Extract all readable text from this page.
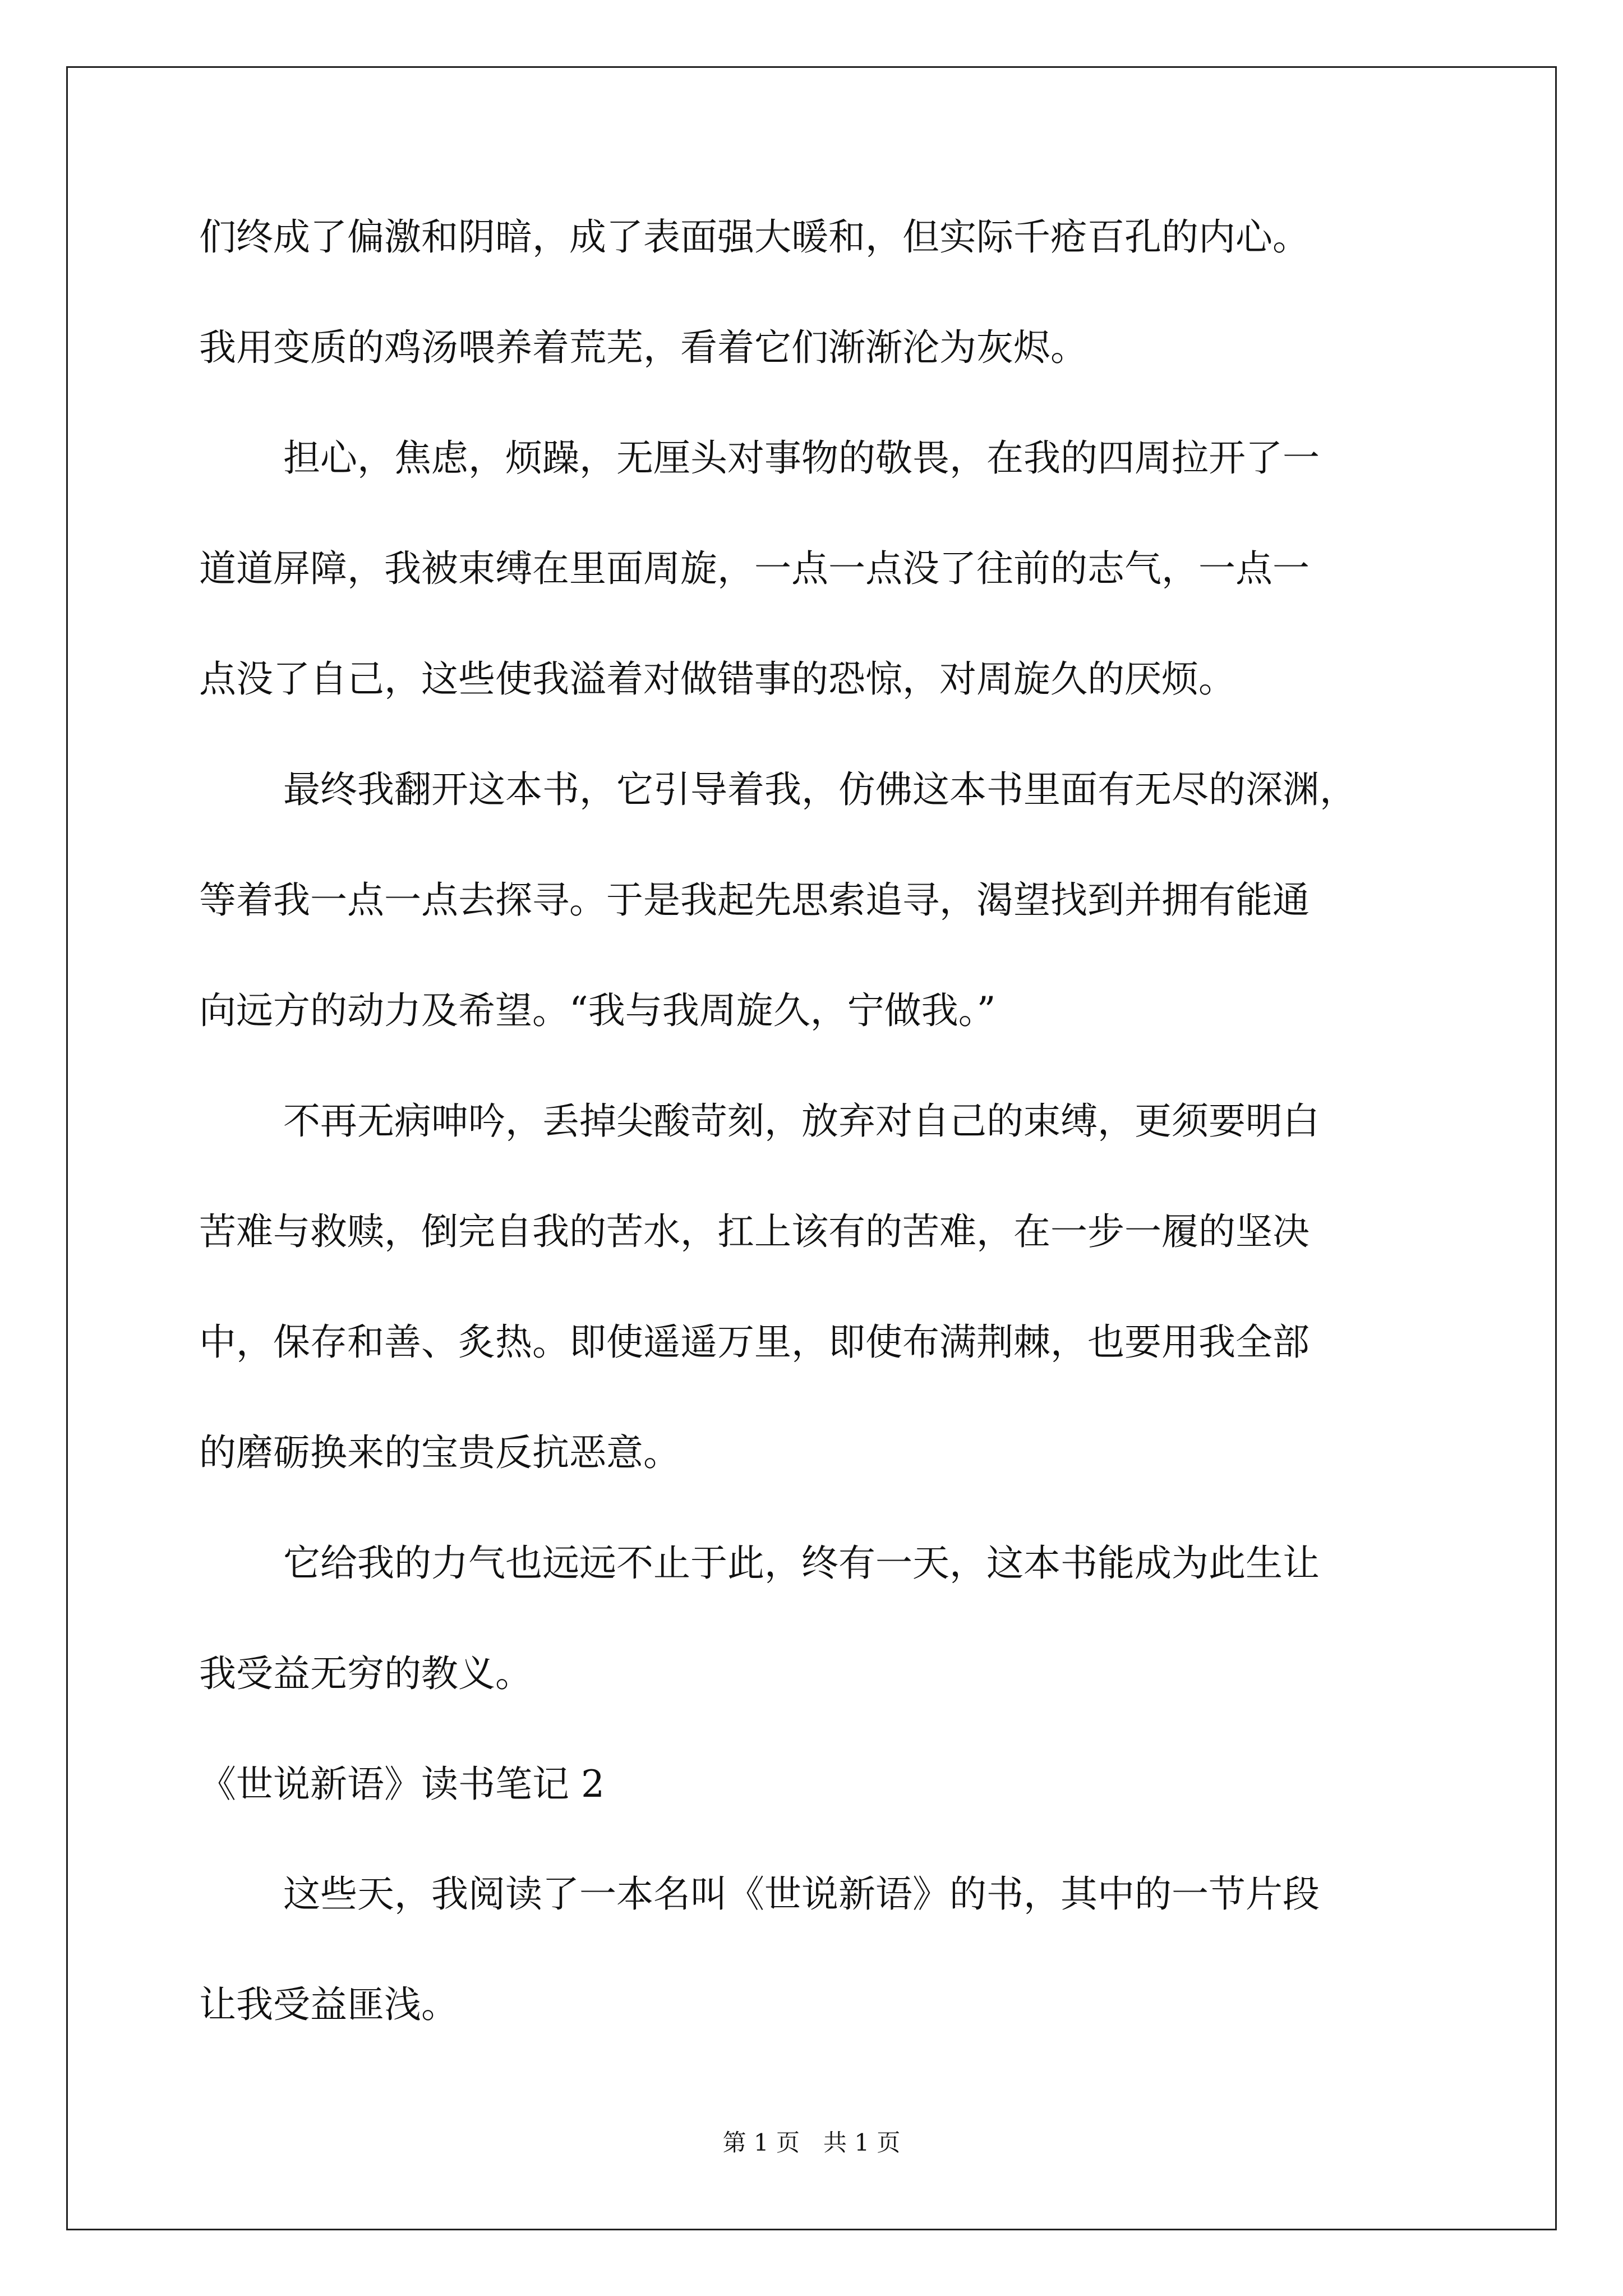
们终成了偏激和阴暗，成了表面强大暖和，但实际千疮百孔的内心。
我用变质的鸡汤喂养着荒芜，看着它们渐渐沦为灰烬。
担心，焦虑，烦躁，无厘头对事物的敬畏，在我的四周拉开了一
道道屏障，我被束缚在里面周旋，一点一点没了往前的志气，一点一
点没了自己，这些使我溢着对做错事的恐惊，对周旋久的厌烦。
最终我翻开这本书，它引导着我，仿佛这本书里面有无尽的深渊，
等着我一点一点去探寻。于是我起先思索追寻，渴望找到并拥有能通
向远方的动力及希望。“我与我周旋久，宁做我。”
不再无病呻吟，丢掉尖酸苛刻，放弃对自己的束缚，更须要明白
苦难与救赎，倒完自我的苦水，扛上该有的苦难，在一步一履的坚决
中，保存和善、炙热。即使遥遥万里，即使布满荆棘，也要用我全部
的磨砺换来的宝贵反抗恶意。
它给我的力气也远远不止于此，终有一天，这本书能成为此生让
我受益无穷的教义。
《世说新语》读书笔记 2
这些天，我阅读了一本名叫《世说新语》的书，其中的一节片段
让我受益匪浅。
第 1 页　共 1 页
